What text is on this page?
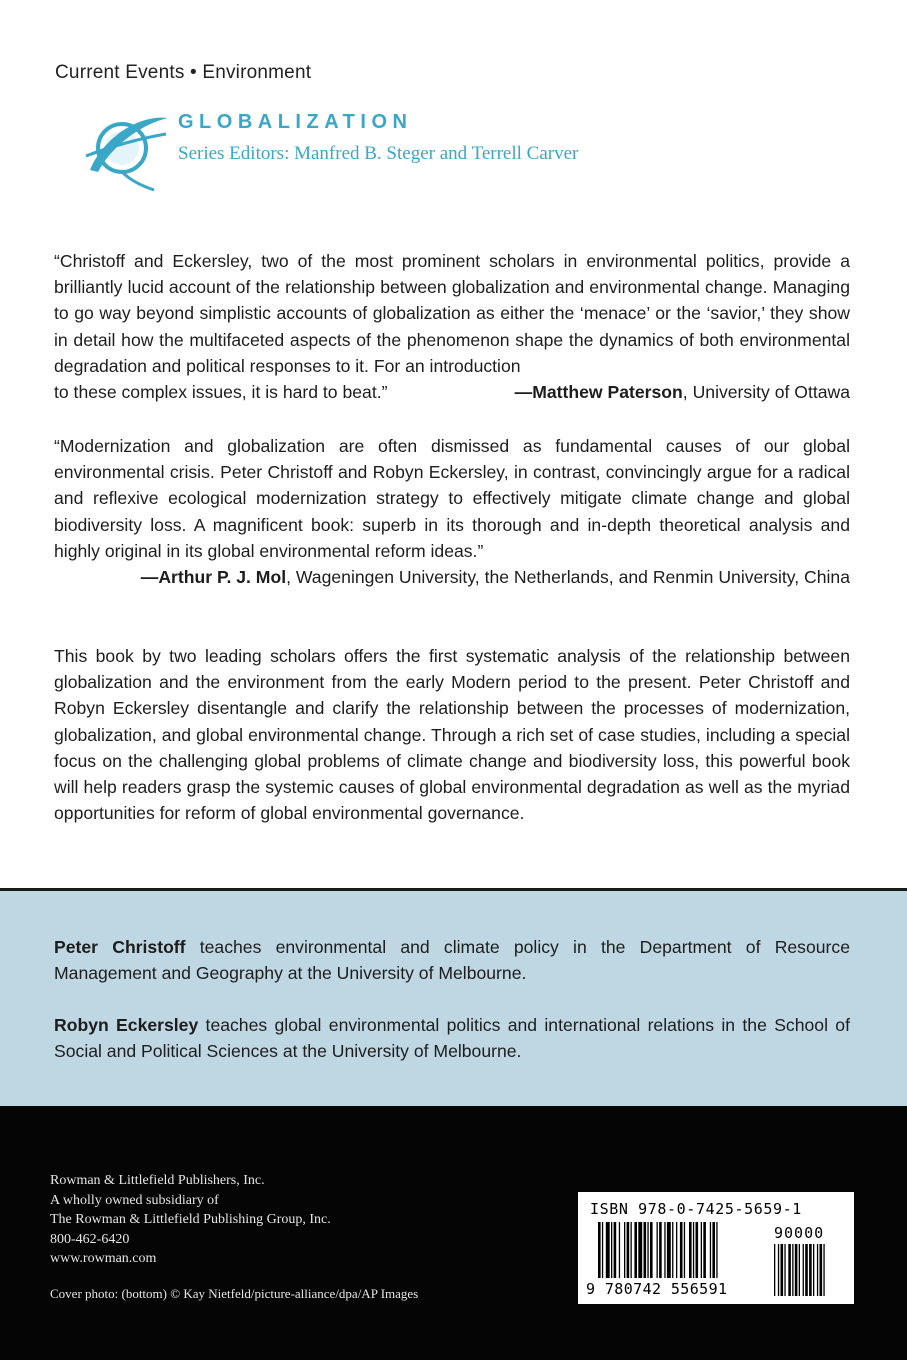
Current Events • Environment
GLOBALIZATION
Series Editors: Manfred B. Steger and Terrell Carver
“Christoff and Eckersley, two of the most prominent scholars in environmental politics, provide a brilliantly lucid account of the relationship between globalization and environmental change. Managing to go way beyond simplistic accounts of globalization as either the ‘menace’ or the ‘savior,’ they show in detail how the multifaceted aspects of the phenomenon shape the dynamics of both environmental degradation and political responses to it. For an introduction
to these complex issues, it is hard to beat.”	—Matthew Paterson, University of Ottawa
“Modernization and globalization are often dismissed as fundamental causes of our global environmental crisis. Peter Christoff and Robyn Eckersley, in contrast, convincingly argue for a radical and reflexive ecological modernization strategy to effectively mitigate climate change and global biodiversity loss. A magnificent book: superb in its thorough and in-depth theoretical analysis and highly original in its global environmental reform ideas.”
—Arthur P. J. Mol, Wageningen University, the Netherlands, and Renmin University, China
This book by two leading scholars offers the first systematic analysis of the relationship between globalization and the environment from the early Modern period to the present. Peter Christoff and Robyn Eckersley disentangle and clarify the relationship between the processes of modernization, globalization, and global environmental change. Through a rich set of case studies, including a special focus on the challenging global problems of climate change and biodiversity loss, this powerful book will help readers grasp the systemic causes of global environmental degradation as well as the myriad opportunities for reform of global environmental governance.
Peter Christoff teaches environmental and climate policy in the Department of Resource Management and Geography at the University of Melbourne.
Robyn Eckersley teaches global environmental politics and international relations in the School of Social and Political Sciences at the University of Melbourne.
Rowman & Littlefield Publishers, Inc.
A wholly owned subsidiary of
The Rowman & Littlefield Publishing Group, Inc.
800-462-6420
www.rowman.com
Cover photo: (bottom) © Kay Nietfeld/picture-alliance/dpa/AP Images
ISBN 978-0-7425-5659-1
90000
9 780742 556591
